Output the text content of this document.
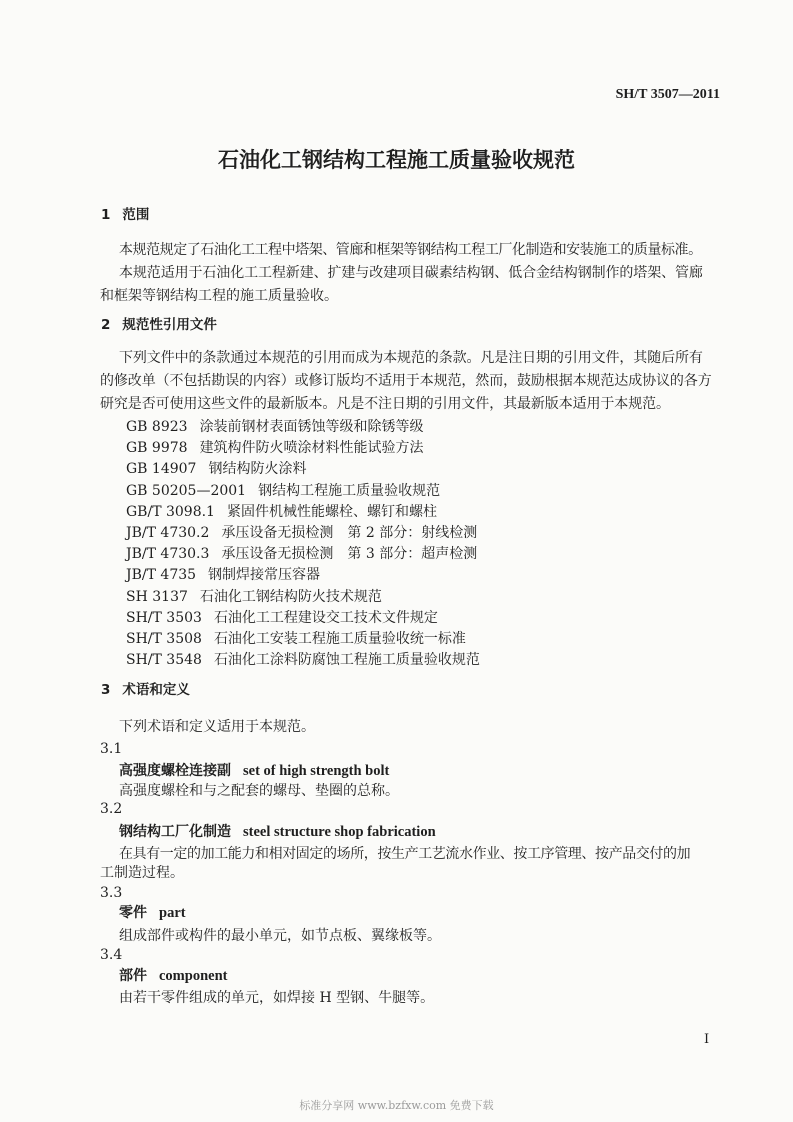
SH/T 3507—2011
石油化工钢结构工程施工质量验收规范
1 范围
本规范规定了石油化工工程中塔架、管廊和框架等钢结构工程工厂化制造和安装施工的质量标准。
本规范适用于石油化工工程新建、扩建与改建项目碳素结构钢、低合金结构钢制作的塔架、管廊
和框架等钢结构工程的施工质量验收。
2 规范性引用文件
下列文件中的条款通过本规范的引用而成为本规范的条款。凡是注日期的引用文件，其随后所有
的修改单（不包括勘误的内容）或修订版均不适用于本规范，然而，鼓励根据本规范达成协议的各方
研究是否可使用这些文件的最新版本。凡是不注日期的引用文件，其最新版本适用于本规范。
GB 8923 涂装前钢材表面锈蚀等级和除锈等级
GB 9978 建筑构件防火喷涂材料性能试验方法
GB 14907 钢结构防火涂料
GB 50205—2001 钢结构工程施工质量验收规范
GB/T 3098.1 紧固件机械性能螺栓、螺钉和螺柱
JB/T 4730.2 承压设备无损检测　第 2 部分：射线检测
JB/T 4730.3 承压设备无损检测　第 3 部分：超声检测
JB/T 4735 钢制焊接常压容器
SH 3137 石油化工钢结构防火技术规范
SH/T 3503 石油化工工程建设交工技术文件规定
SH/T 3508 石油化工安装工程施工质量验收统一标准
SH/T 3548 石油化工涂料防腐蚀工程施工质量验收规范
3 术语和定义
下列术语和定义适用于本规范。
3.1
高强度螺栓连接副 set of high strength bolt
高强度螺栓和与之配套的螺母、垫圈的总称。
3.2
钢结构工厂化制造 steel structure shop fabrication
在具有一定的加工能力和相对固定的场所，按生产工艺流水作业、按工序管理、按产品交付的加
工制造过程。
3.3
零件 part
组成部件或构件的最小单元，如节点板、翼缘板等。
3.4
部件 component
由若干零件组成的单元，如焊接 H 型钢、牛腿等。
I
标准分享网 www.bzfxw.com 免费下载
